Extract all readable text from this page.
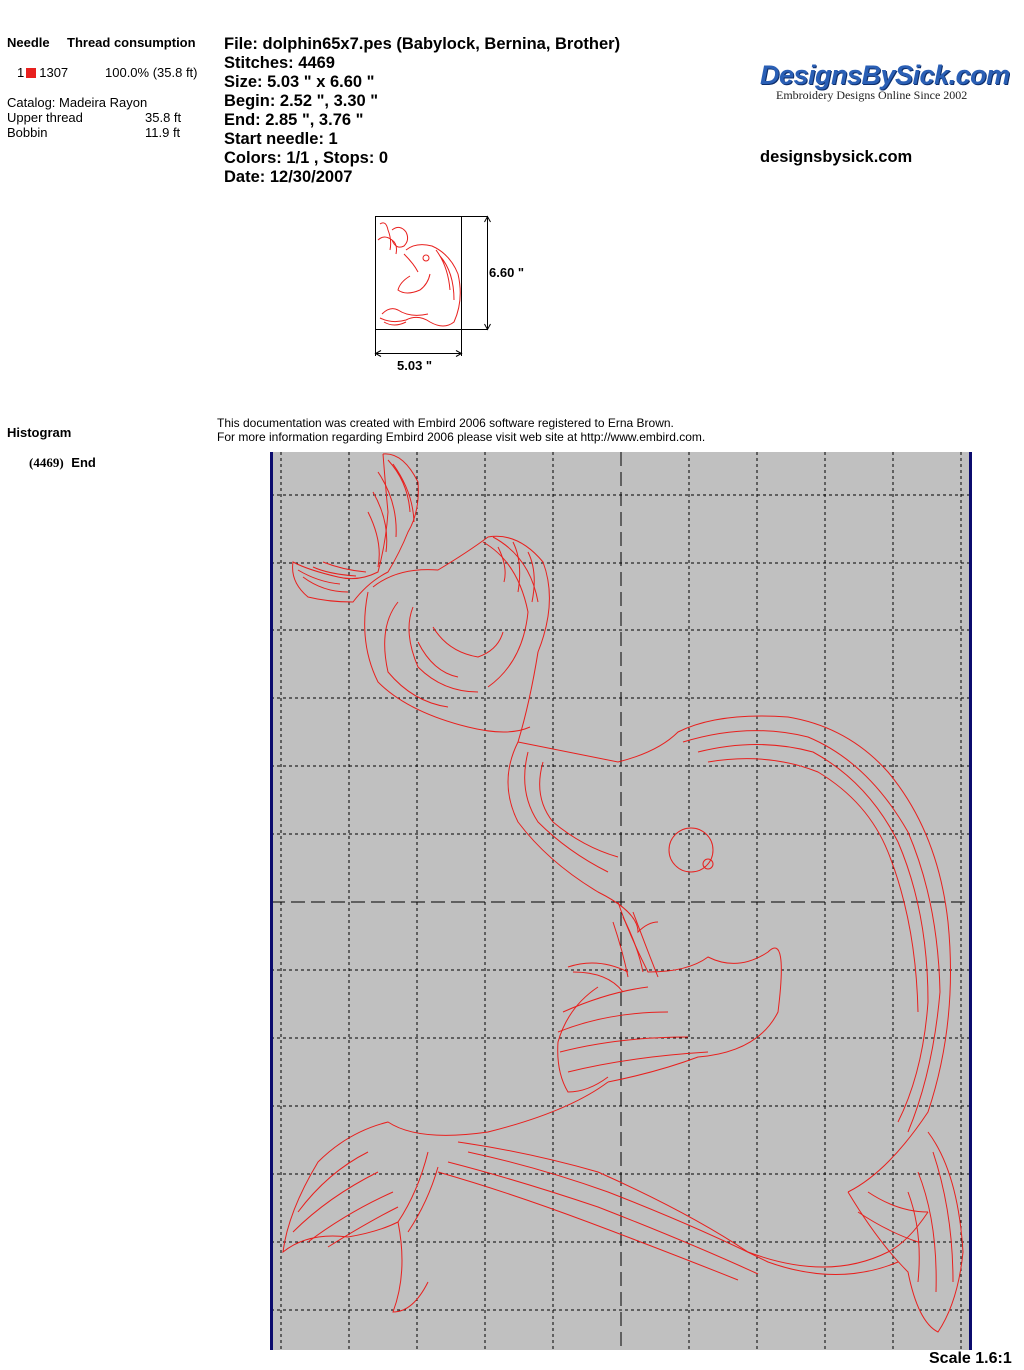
Needle Thread consumption
1 1307	100.0% (35.8 ft)
Catalog: Madeira Rayon
Upper thread	35.8 ft
Bobbin	11.9 ft
File: dolphin65x7.pes (Babylock, Bernina, Brother)
Stitches: 4469
Size: 5.03 " x 6.60 "
Begin: 2.52 ", 3.30 "
End: 2.85 ", 3.76 "
Start needle: 1
Colors: 1/1 , Stops: 0
Date: 12/30/2007
DesignsBySick.com
Embroidery Designs Online Since 2002
designsbysick.com
6.60 "
5.03 "
Histogram
(4469) End
This documentation was created with Embird 2006 software registered to Erna Brown.
For more information regarding Embird 2006 please visit web site at http://www.embird.com.
Scale 1.6:1
